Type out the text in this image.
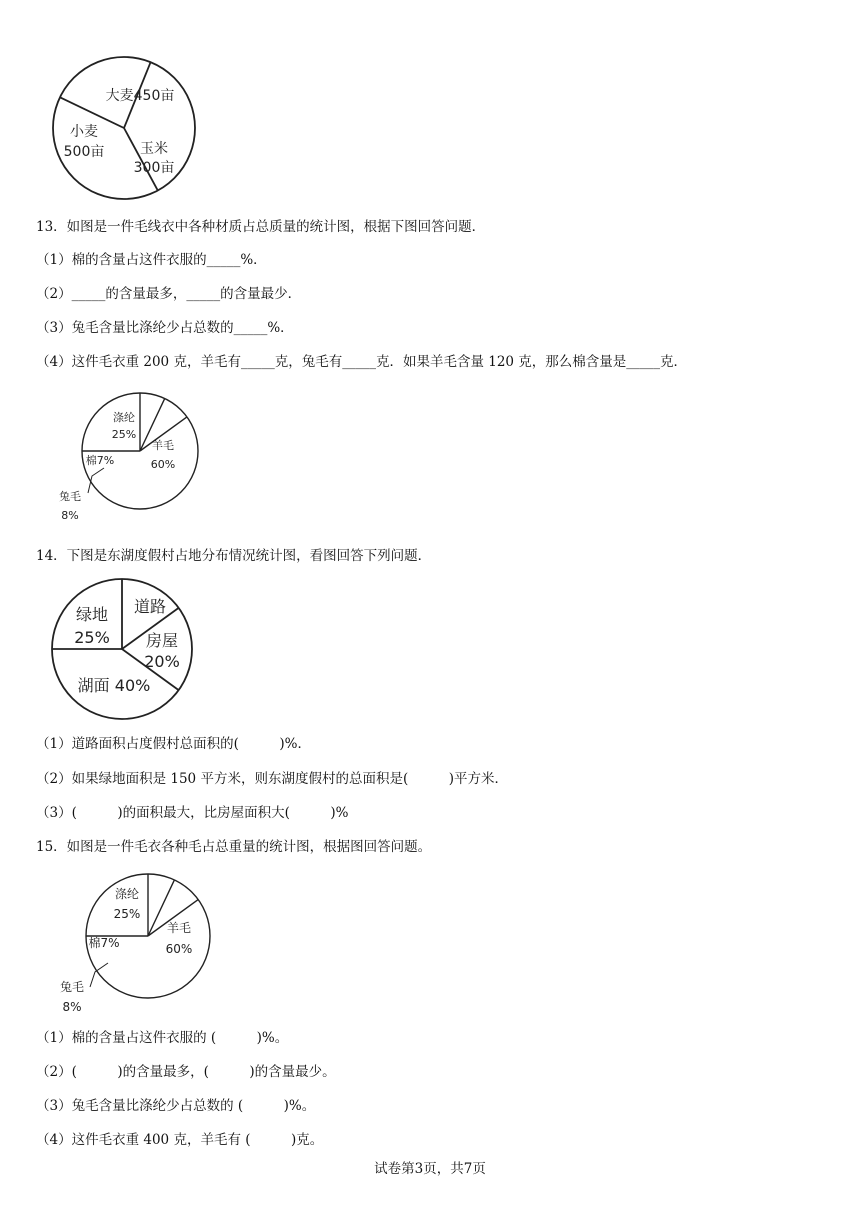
大麦450亩
小麦
500亩	玉米
300亩
涤纶
25%
棉7%
兔毛
8%
羊毛
60%
绿地
25%
道路
房屋
20%
湖面 40%
涤纶
25%
棉7%
兔毛
8%
羊毛
60%
13．如图是一件毛线衣中各种材质占总质量的统计图，根据下图回答问题．
（1）棉的含量占这件衣服的_____%．
（2）_____的含量最多，_____的含量最少．
（3）兔毛含量比涤纶少占总数的_____%．
（4）这件毛衣重 200 克，羊毛有_____克，兔毛有_____克．如果羊毛含量 120 克，那么棉含量是_____克．
14．下图是东湖度假村占地分布情况统计图，看图回答下列问题．
（1）道路面积占度假村总面积的(　　　)%．
（2）如果绿地面积是 150 平方米，则东湖度假村的总面积是(　　　)平方米．
（3）(　　　)的面积最大，比房屋面积大(　　　)%
15．如图是一件毛衣各种毛占总重量的统计图，根据图回答问题。
（1）棉的含量占这件衣服的 (　　　)%。
（2）(　　　)的含量最多，(　　　)的含量最少。
（3）兔毛含量比涤纶少占总数的 (　　　)%。
（4）这件毛衣重 400 克，羊毛有 (　　　)克。
试卷第3页，共7页
